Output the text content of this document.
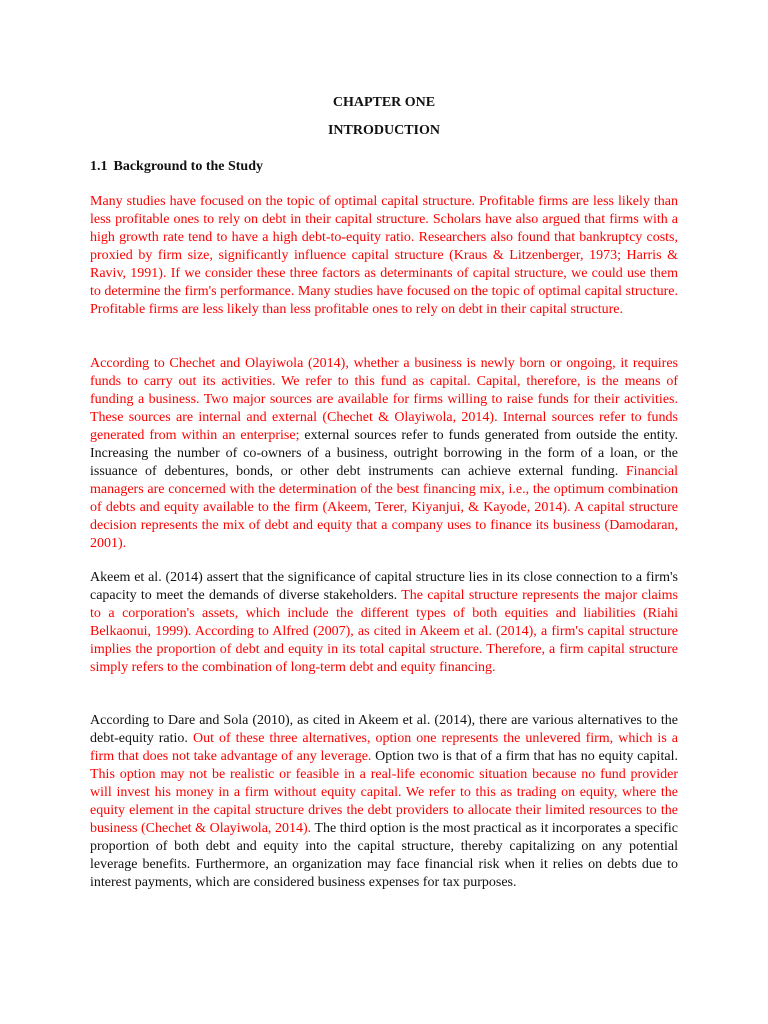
CHAPTER ONE
INTRODUCTION
1.1 Background to the Study

Many studies have focused on the topic of optimal capital structure. Profitable firms are less likely than less profitable ones to rely on debt in their capital structure. Scholars have also argued that firms with a high growth rate tend to have a high debt-to-equity ratio. Researchers also found that bankruptcy costs, proxied by firm size, significantly influence capital structure (Kraus & Litzenberger, 1973; Harris & Raviv, 1991). If we consider these three factors as determinants of capital structure, we could use them to determine the firm's performance. Many studies have focused on the topic of optimal capital structure. Profitable firms are less likely than less profitable ones to rely on debt in their capital structure.

According to Chechet and Olayiwola (2014), whether a business is newly born or ongoing, it requires funds to carry out its activities. We refer to this fund as capital. Capital, therefore, is the means of funding a business. Two major sources are available for firms willing to raise funds for their activities. These sources are internal and external (Chechet & Olayiwola, 2014). Internal sources refer to funds generated from within an enterprise; external sources refer to funds generated from outside the entity. Increasing the number of co-owners of a business, outright borrowing in the form of a loan, or the issuance of debentures, bonds, or other debt instruments can achieve external funding. Financial managers are concerned with the determination of the best financing mix, i.e., the optimum combination of debts and equity available to the firm (Akeem, Terer, Kiyanjui, & Kayode, 2014). A capital structure decision represents the mix of debt and equity that a company uses to finance its business (Damodaran, 2001).

Akeem et al. (2014) assert that the significance of capital structure lies in its close connection to a firm's capacity to meet the demands of diverse stakeholders. The capital structure represents the major claims to a corporation's assets, which include the different types of both equities and liabilities (Riahi Belkaonui, 1999). According to Alfred (2007), as cited in Akeem et al. (2014), a firm's capital structure implies the proportion of debt and equity in its total capital structure. Therefore, a firm capital structure simply refers to the combination of long-term debt and equity financing.

According to Dare and Sola (2010), as cited in Akeem et al. (2014), there are various alternatives to the debt-equity ratio. Out of these three alternatives, option one represents the unlevered firm, which is a firm that does not take advantage of any leverage. Option two is that of a firm that has no equity capital. This option may not be realistic or feasible in a real-life economic situation because no fund provider will invest his money in a firm without equity capital. We refer to this as trading on equity, where the equity element in the capital structure drives the debt providers to allocate their limited resources to the business (Chechet & Olayiwola, 2014). The third option is the most practical as it incorporates a specific proportion of both debt and equity into the capital structure, thereby capitalizing on any potential leverage benefits. Furthermore, an organization may face financial risk when it relies on debts due to interest payments, which are considered business expenses for tax purposes.
